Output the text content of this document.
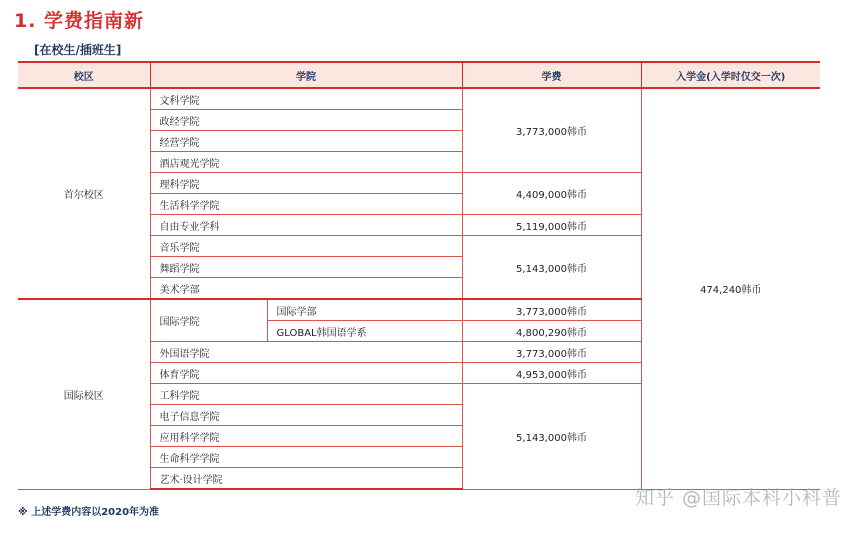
1. 学费指南新
[在校生/插班生]
校区	学院		学费	入学金(入学时仅交一次)
首尔校区	文科学院		3,773,000韩币	474,240韩币
	政经学院			
	经营学院			
	酒店观光学院			
	理科学院		4,409,000韩币	
	生活科学学院			
	自由专业学科		5,119,000韩币	
	音乐学院		5,143,000韩币	
	舞蹈学院			
	美术学部			
国际校区	国际学院	国际学部	3,773,000韩币	
		GLOBAL韩国语学系	4,800,290韩币	
	外国语学院		3,773,000韩币	
	体育学院		4,953,000韩币	
	工科学院		5,143,000韩币	
	电子信息学院			
	应用科学学院			
	生命科学学院			
	艺术·设计学院			
※ 上述学费内容以2020年为准
知乎 @国际本科小科普
